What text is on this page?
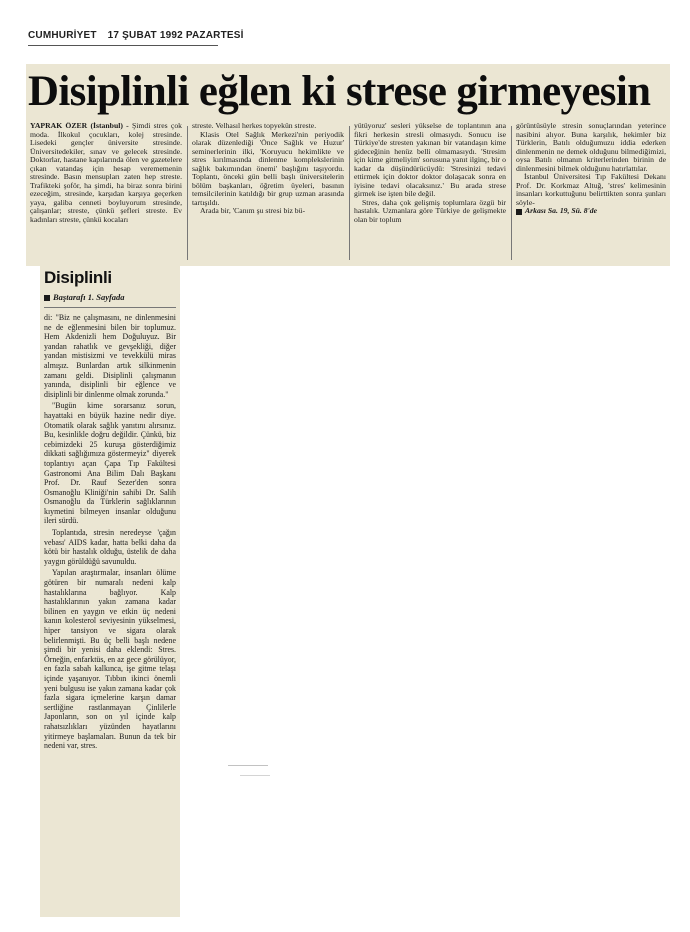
CUMHURİYET 17 ŞUBAT 1992 PAZARTESİ
Disiplinli eğlen ki strese girmeyesin

YAPRAK ÖZER (İstanbul) - Şimdi stres çok moda. İlkokul çocukları, kolej stresinde. Lisedeki gençler üniversite stresinde. Üniversitedekiler, sınav ve gelecek stresinde. Doktorlar, hastane kapılarında ölen ve gazetelere çıkan vatandaş için hesap verememenin stresinde. Basın mensupları zaten hep streste. Trafikteki şoför, ha şimdi, ha biraz sonra birini ezeceğim, stresinde, karşıdan karşıya geçerken yaya, galiba cenneti boyluyorum stresinde, çalışanlar; streste, çünkü şefleri streste. Ev kadınları streste, çünkü kocaları

streste. Velhasıl herkes topyekün streste.

Klasis Otel Sağlık Merkezi'nin periyodik olarak düzenlediği 'Önce Sağlık ve Huzur' seminerlerinin ilki, 'Koruyucu hekimlikte ve stres kırılmasında dinlenme komplekslerinin sağlık bakımından önemi' başlığını taşıyordu. Toplantı, önceki gün belli başlı üniversitelerin bölüm başkanları, öğretim üyeleri, basının temsilcilerinin katıldığı bir grup uzman arasında tartışıldı.

Arada bir, 'Canım şu stresi biz bü-

yütüyoruz' sesleri yükselse de toplantının ana fikri herkesin stresli olmasıydı. Sonucu ise Türkiye'de stresten yakınan bir vatandaşın kime gideceğinin henüz belli olmamasıydı. 'Stresim için kime gitmeliyim' sorusuna yanıt ilginç, bir o kadar da düşündürücüydü: 'Stresinizi tedavi ettirmek için doktor doktor dolaşacak sonra en iyisine tedavi olacaksınız.' Bu arada strese girmek ise işten bile değil.

Stres, daha çok gelişmiş toplumlara özgü bir hastalık. Uzmanlara göre Türkiye de gelişmekte olan bir toplum

görüntüsüyle stresin sonuçlarından yeterince nasibini alıyor. Buna karşılık, hekimler biz Türklerin, Batılı olduğumuzu iddia ederken dinlenmenin ne demek olduğunu bilmediğimizi, oysa Batılı olmanın kriterlerinden birinin de dinlenmesini bilmek olduğunu hatırlattılar.

İstanbul Üniversitesi Tıp Fakültesi Dekanı Prof. Dr. Korkmaz Altuğ, 'stres' kelimesinin insanları korkuttuğunu belirttikten sonra şunları söyle-

Arkası Sa. 19, Sü. 8'de

Disiplinli
Baştarafı 1. Sayfada

di: "Biz ne çalışmasını, ne dinlenmesini ne de eğlenmesini bilen bir toplumuz. Hem Akdenizli hem Doğuluyuz. Bir yandan rahatlık ve gevşekliği, diğer yandan mistisizmi ve tevekkülü miras almışız. Bunlardan artık silkinmenin zamanı geldi. Disiplinli çalışmanın yanında, disiplinli bir eğlence ve disiplinli bir dinlenme olmak zorunda."

"Bugün kime sorarsanız sorun, hayattaki en büyük hazine nedir diye. Otomatik olarak sağlık yanıtını alırsınız. Bu, kesinlikle doğru değildir. Çünkü, biz cebimizdeki 25 kuruşa gösterdiğimiz dikkati sağlığımıza göstermeyiz" diyerek toplantıyı açan Çapa Tıp Fakültesi Gastronomi Ana Bilim Dalı Başkanı Prof. Dr. Rauf Sezer'den sonra Osmanoğlu Kliniği'nin sahibi Dr. Salih Osmanoğlu da Türklerin sağlıklarının kıymetini bilmeyen insanlar olduğunu ileri sürdü.

Toplantıda, stresin neredeyse 'çağın vebası' AIDS kadar, hatta belki daha da kötü bir hastalık olduğu, üstelik de daha yaygın görüldüğü savunuldu.

Yapılan araştırmalar, insanları ölüme götüren bir numaralı nedeni kalp hastalıklarına bağlıyor. Kalp hastalıklarının yakın zamana kadar bilinen en yaygın ve etkin üç nedeni kanın kolesterol seviyesinin yükselmesi, hiper tansiyon ve sigara olarak belirlenmişti. Bu üç belli başlı nedene şimdi bir yenisi daha eklendi: Stres. Örneğin, enfarktüs, en az gece görülüyor, en fazla sabah kalkınca, işe gitme telaşı içinde yaşanıyor. Tıbbın ikinci önemli yeni bulgusu ise yakın zamana kadar çok fazla sigara içmelerine karşın damar sertliğine rastlanmayan Çinlilerle Japonların, son on yıl içinde kalp rahatsızlıkları yüzünden hayatlarını yitirmeye başlamaları. Bunun da tek bir nedeni var, stres.
